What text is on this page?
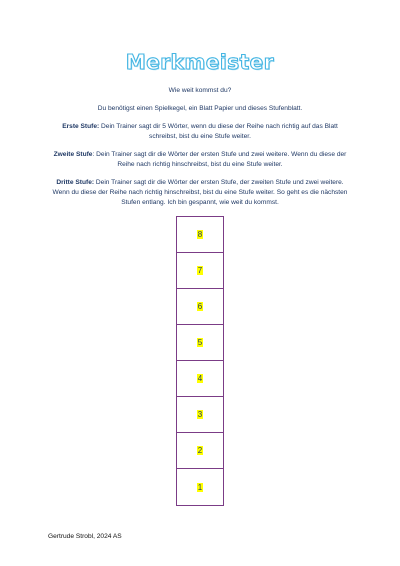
Merkmeister
Wie weit kommst du?
Du benötigst einen Spielkegel, ein Blatt Papier und dieses Stufenblatt.
Erste Stufe: Dein Trainer sagt dir 5 Wörter, wenn du diese der Reihe nach richtig auf das Blatt schreibst, bist du eine Stufe weiter.
Zweite Stufe: Dein Trainer sagt dir die Wörter der ersten Stufe und zwei weitere. Wenn du diese der Reihe nach richtig hinschreibst, bist du eine Stufe weiter.
Dritte Stufe: Dein Trainer sagt dir die Wörter der ersten Stufe, der zweiten Stufe und zwei weitere. Wenn du diese der Reihe nach richtig hinschreibst, bist du eine Stufe weiter. So geht es die nächsten Stufen entlang. Ich bin gespannt, wie weit du kommst.
8
7
6
5
4
3
2
1
Gertrude Strobl, 2024 AS
